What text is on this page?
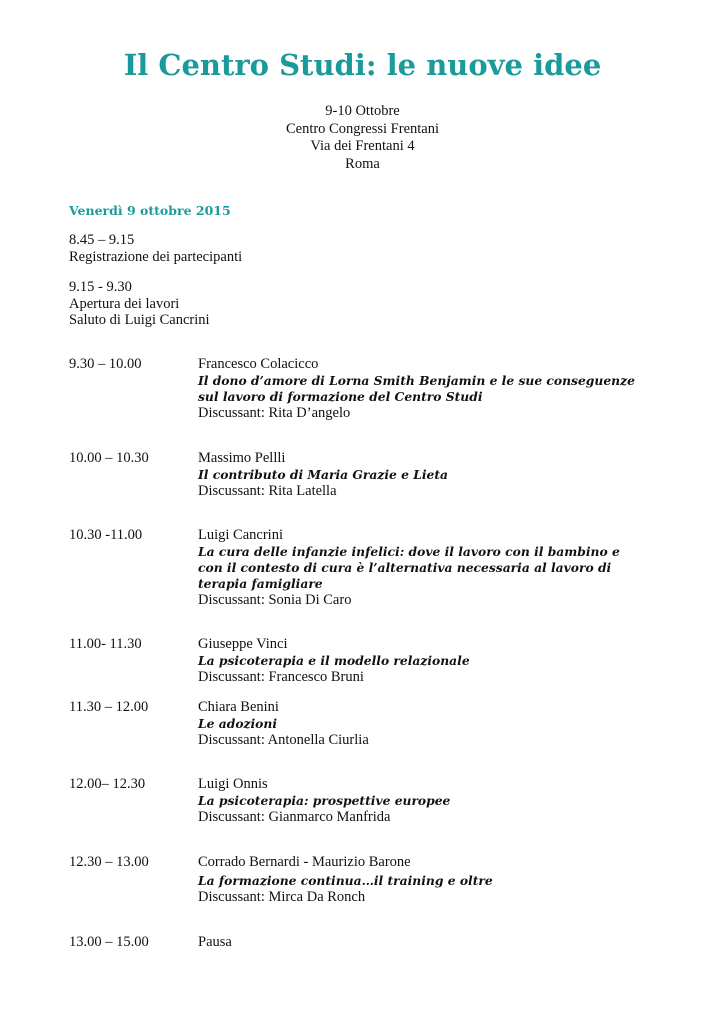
Il Centro Studi: le nuove idee
9-10 Ottobre
Centro Congressi Frentani
Via dei Frentani 4
Roma
Venerdì 9 ottobre 2015
8.45 – 9.15
Registrazione dei partecipanti
9.15 - 9.30
Apertura dei lavori
Saluto di Luigi Cancrini
9.30 – 10.00	Francesco Colacicco
Il dono d’amore di Lorna Smith Benjamin e le sue conseguenze
sul lavoro di formazione del Centro Studi
Discussant: Rita D’angelo
10.00 – 10.30	Massimo Pellli
Il contributo di Maria Grazie e Lieta
Discussant: Rita Latella
10.30 -11.00	Luigi Cancrini
La cura delle infanzie infelici: dove il lavoro con il bambino e
con il contesto di cura è l’alternativa necessaria al lavoro di
terapia famigliare
Discussant: Sonia Di Caro
11.00- 11.30	Giuseppe Vinci
La psicoterapia e il modello relazionale
Discussant: Francesco Bruni
11.30 – 12.00	Chiara Benini
Le adozioni
Discussant: Antonella Ciurlia
12.00– 12.30	Luigi Onnis
La psicoterapia: prospettive europee
Discussant: Gianmarco Manfrida
12.30 – 13.00	Corrado Bernardi - Maurizio Barone
La formazione continua…il training e oltre
Discussant: Mirca Da Ronch
13.00 – 15.00	Pausa
